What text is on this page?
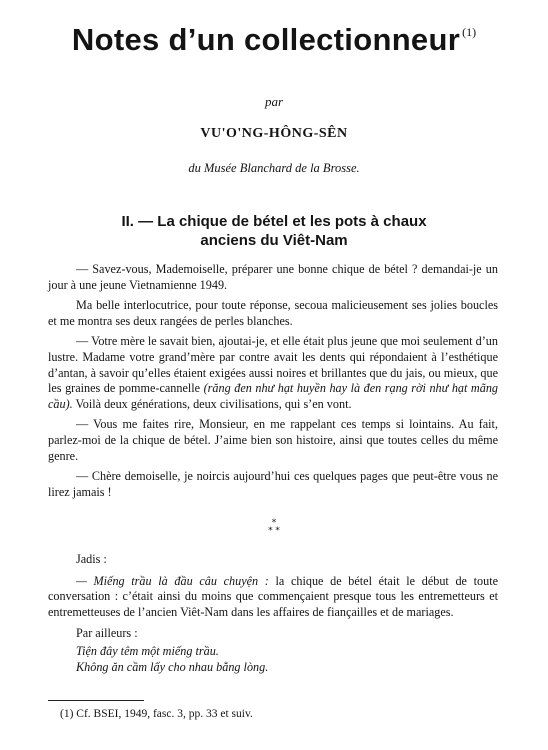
Notes d’un collectionneur $^{(1)}$
par
VU'O'NG-HÔNG-SÊN
du Musée Blanchard de la Brosse.
II. — La chique de bétel et les pots à chaux
anciens du Viêt-Nam

— Savez-vous, Mademoiselle, préparer une bonne chique de bétel ? demandai-je un jour à une jeune Vietnamienne 1949.

Ma belle interlocutrice, pour toute réponse, secoua malicieusement ses jolies boucles et me montra ses deux rangées de perles blanches.

— Votre mère le savait bien, ajoutai-je, et elle était plus jeune que moi seulement d’un lustre. Madame votre grand’mère par contre avait les dents qui répondaient à l’esthétique d’antan, à savoir qu’elles étaient exigées aussi noires et brillantes que du jais, ou mieux, que les graines de pomme-cannelle (răng đen như hạt huyền hay là đen rạng rời như hạt mãng cầu). Voilà deux générations, deux civilisations, qui s’en vont.

— Vous me faites rire, Monsieur, en me rappelant ces temps si lointains. Au fait, parlez-moi de la chique de bétel. J’aime bien son histoire, ainsi que toutes celles du même genre.

— Chère demoiselle, je noircis aujourd’hui ces quelques pages que peut-être vous ne lirez jamais !

*
* *

Jadis :

— Miếng trầu là đầu câu chuyện : la chique de bétel était le début de toute conversation : c’était ainsi du moins que commençaient presque tous les entremetteurs et entremetteuses de l’ancien Viêt-Nam dans les affaires de fiançailles et de mariages.

Par ailleurs :

Tiện đây têm một miếng trầu.

Không ăn cầm lấy cho nhau bằng lòng.

(1) Cf. BSEI, 1949, fasc. 3, pp. 33 et suiv.
